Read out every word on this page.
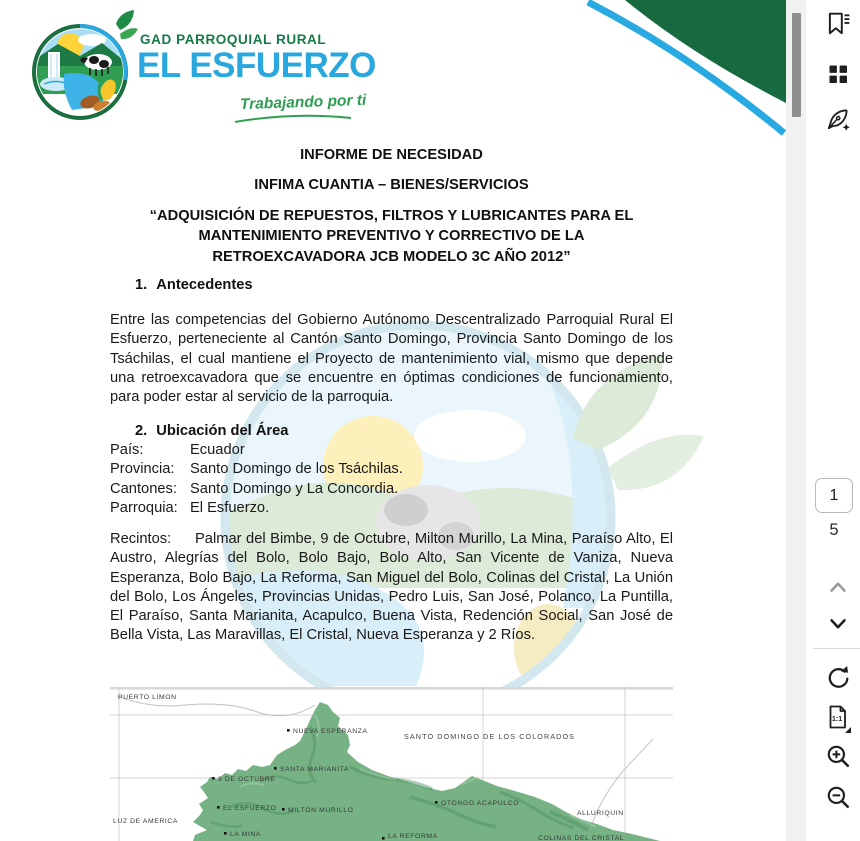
GAD PARROQUIAL RURAL
EL ESFUERZO
Trabajando por ti
INFORME DE NECESIDAD
INFIMA CUANTIA – BIENES/SERVICIOS
“ADQUISICIÓN DE REPUESTOS, FILTROS Y LUBRICANTES PARA EL
MANTENIMIENTO PREVENTIVO Y CORRECTIVO DE LA
RETROEXCAVADORA JCB MODELO 3C AÑO 2012”
1. Antecedentes

Entre las competencias del Gobierno Autónomo Descentralizado Parroquial Rural El Esfuerzo, perteneciente al Cantón Santo Domingo, Provincia Santo Domingo de los Tsáchilas, el cual mantiene el Proyecto de mantenimiento vial, mismo que depende una retroexcavadora que se encuentre en óptimas condiciones de funcionamiento, para poder estar al servicio de la parroquia.

2. Ubicación del Área
País:	Ecuador
Provincia: Santo Domingo de los Tsáchilas.
Cantones: Santo Domingo y La Concordia.
Parroquia: El Esfuerzo.

Recintos: Palmar del Bimbe, 9 de Octubre, Milton Murillo, La Mina, Paraíso Alto, El Austro, Alegrías del Bolo, Bolo Bajo, Bolo Alto, San Vicente de Vaniza, Nueva Esperanza, Bolo Bajo, La Reforma, San Miguel del Bolo, Colinas del Cristal, La Unión del Bolo, Los Ángeles, Provincias Unidas, Pedro Luis, San José, Polanco, La Puntilla, El Paraíso, Santa Marianita, Acapulco, Buena Vista, Redención Social, San José de Bella Vista, Las Maravillas, El Cristal, Nueva Esperanza y 2 Ríos.

PUERTO LIMON
NUEVA ESPERANZA
SANTO DOMINGO DE LOS COLORADOS
SANTA MARIANITA
9 DE OCTUBRE
EL ESFUERZO MILTON MURILLO
LUZ DE AMERICA
LA MINA	LA REFORMA
OTONGO ACAPULCO
ALLURIQUIN
COLINAS DEL CRISTAL
1
5
1:1
